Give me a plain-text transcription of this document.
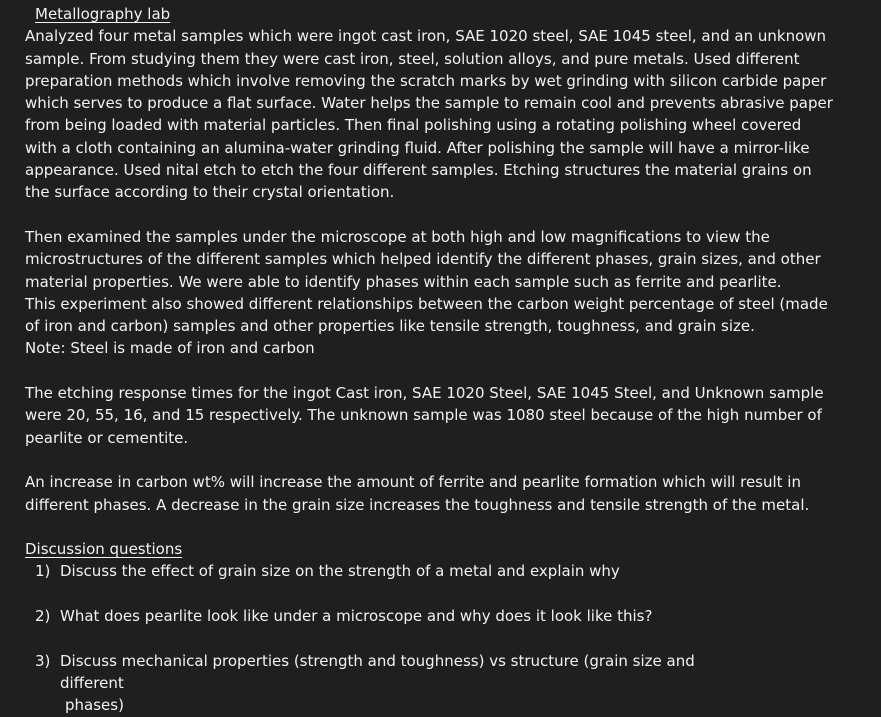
Metallography lab

Analyzed four metal samples which were ingot cast iron, SAE 1020 steel, SAE 1045 steel, and an unknown

sample. From studying them they were cast iron, steel, solution alloys, and pure metals. Used different

preparation methods which involve removing the scratch marks by wet grinding with silicon carbide paper

which serves to produce a flat surface. Water helps the sample to remain cool and prevents abrasive paper

from being loaded with material particles. Then final polishing using a rotating polishing wheel covered

with a cloth containing an alumina-water grinding fluid. After polishing the sample will have a mirror-like

appearance. Used nital etch to etch the four different samples. Etching structures the material grains on

the surface according to their crystal orientation.

Then examined the samples under the microscope at both high and low magnifications to view the

microstructures of the different samples which helped identify the different phases, grain sizes, and other

material properties. We were able to identify phases within each sample such as ferrite and pearlite.

This experiment also showed different relationships between the carbon weight percentage of steel (made

of iron and carbon) samples and other properties like tensile strength, toughness, and grain size.

Note: Steel is made of iron and carbon

The etching response times for the ingot Cast iron, SAE 1020 Steel, SAE 1045 Steel, and Unknown sample

were 20, 55, 16, and 15 respectively. The unknown sample was 1080 steel because of the high number of

pearlite or cementite.

An increase in carbon wt% will increase the amount of ferrite and pearlite formation which will result in

different phases. A decrease in the grain size increases the toughness and tensile strength of the metal.

Discussion questions
1) Discuss the effect of grain size on the strength of a metal and explain why
2) What does pearlite look like under a microscope and why does it look like this?
3) Discuss mechanical properties (strength and toughness) vs structure (grain size and different
phases)
